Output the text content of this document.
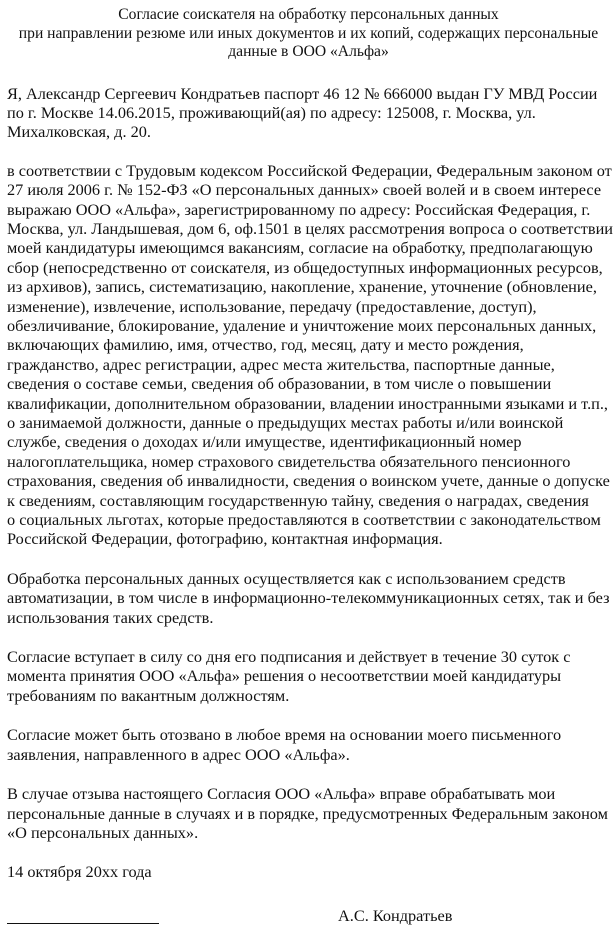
Согласие соискателя на обработку персональных данных
при направлении резюме или иных документов и их копий, содержащих персональные
данные в ООО «Альфа»
Я, Александр Сергеевич Кондратьев паспорт 46 12 № 666000 выдан ГУ МВД России
по г. Москве 14.06.2015, проживающий(ая) по адресу: 125008, г. Москва, ул.
Михалковская, д. 20.
в соответствии с Трудовым кодексом Российской Федерации, Федеральным законом от
27 июля 2006 г. № 152-ФЗ «О персональных данных» своей волей и в своем интересе
выражаю ООО «Альфа», зарегистрированному по адресу: Российская Федерация, г.
Москва, ул. Ландышевая, дом 6, оф.1501 в целях рассмотрения вопроса о соответствии
моей кандидатуры имеющимся вакансиям, согласие на обработку, предполагающую
сбор (непосредственно от соискателя, из общедоступных информационных ресурсов,
из архивов), запись, систематизацию, накопление, хранение, уточнение (обновление,
изменение), извлечение, использование, передачу (предоставление, доступ),
обезличивание, блокирование, удаление и уничтожение моих персональных данных,
включающих фамилию, имя, отчество, год, месяц, дату и место рождения,
гражданство, адрес регистрации, адрес места жительства, паспортные данные,
сведения о составе семьи, сведения об образовании, в том числе о повышении
квалификации, дополнительном образовании, владении иностранными языками и т.п.,
о занимаемой должности, данные о предыдущих местах работы и/или воинской
службе, сведения о доходах и/или имуществе, идентификационный номер
налогоплательщика, номер страхового свидетельства обязательного пенсионного
страхования, сведения об инвалидности, сведения о воинском учете, данные о допуске
к сведениям, составляющим государственную тайну, сведения о наградах, сведения
о социальных льготах, которые предоставляются в соответствии с законодательством
Российской Федерации, фотографию, контактная информация.
Обработка персональных данных осуществляется как с использованием средств
автоматизации, в том числе в информационно-телекоммуникационных сетях, так и без
использования таких средств.
Согласие вступает в силу со дня его подписания и действует в течение 30 суток с
момента принятия ООО «Альфа» решения о несоответствии моей кандидатуры
требованиям по вакантным должностям.
Согласие может быть отозвано в любое время на основании моего письменного
заявления, направленного в адрес ООО «Альфа».
В случае отзыва настоящего Согласия ООО «Альфа» вправе обрабатывать мои
персональные данные в случаях и в порядке, предусмотренных Федеральным законом
«О персональных данных».
14 октября 20хх года
А.С. Кондратьев
